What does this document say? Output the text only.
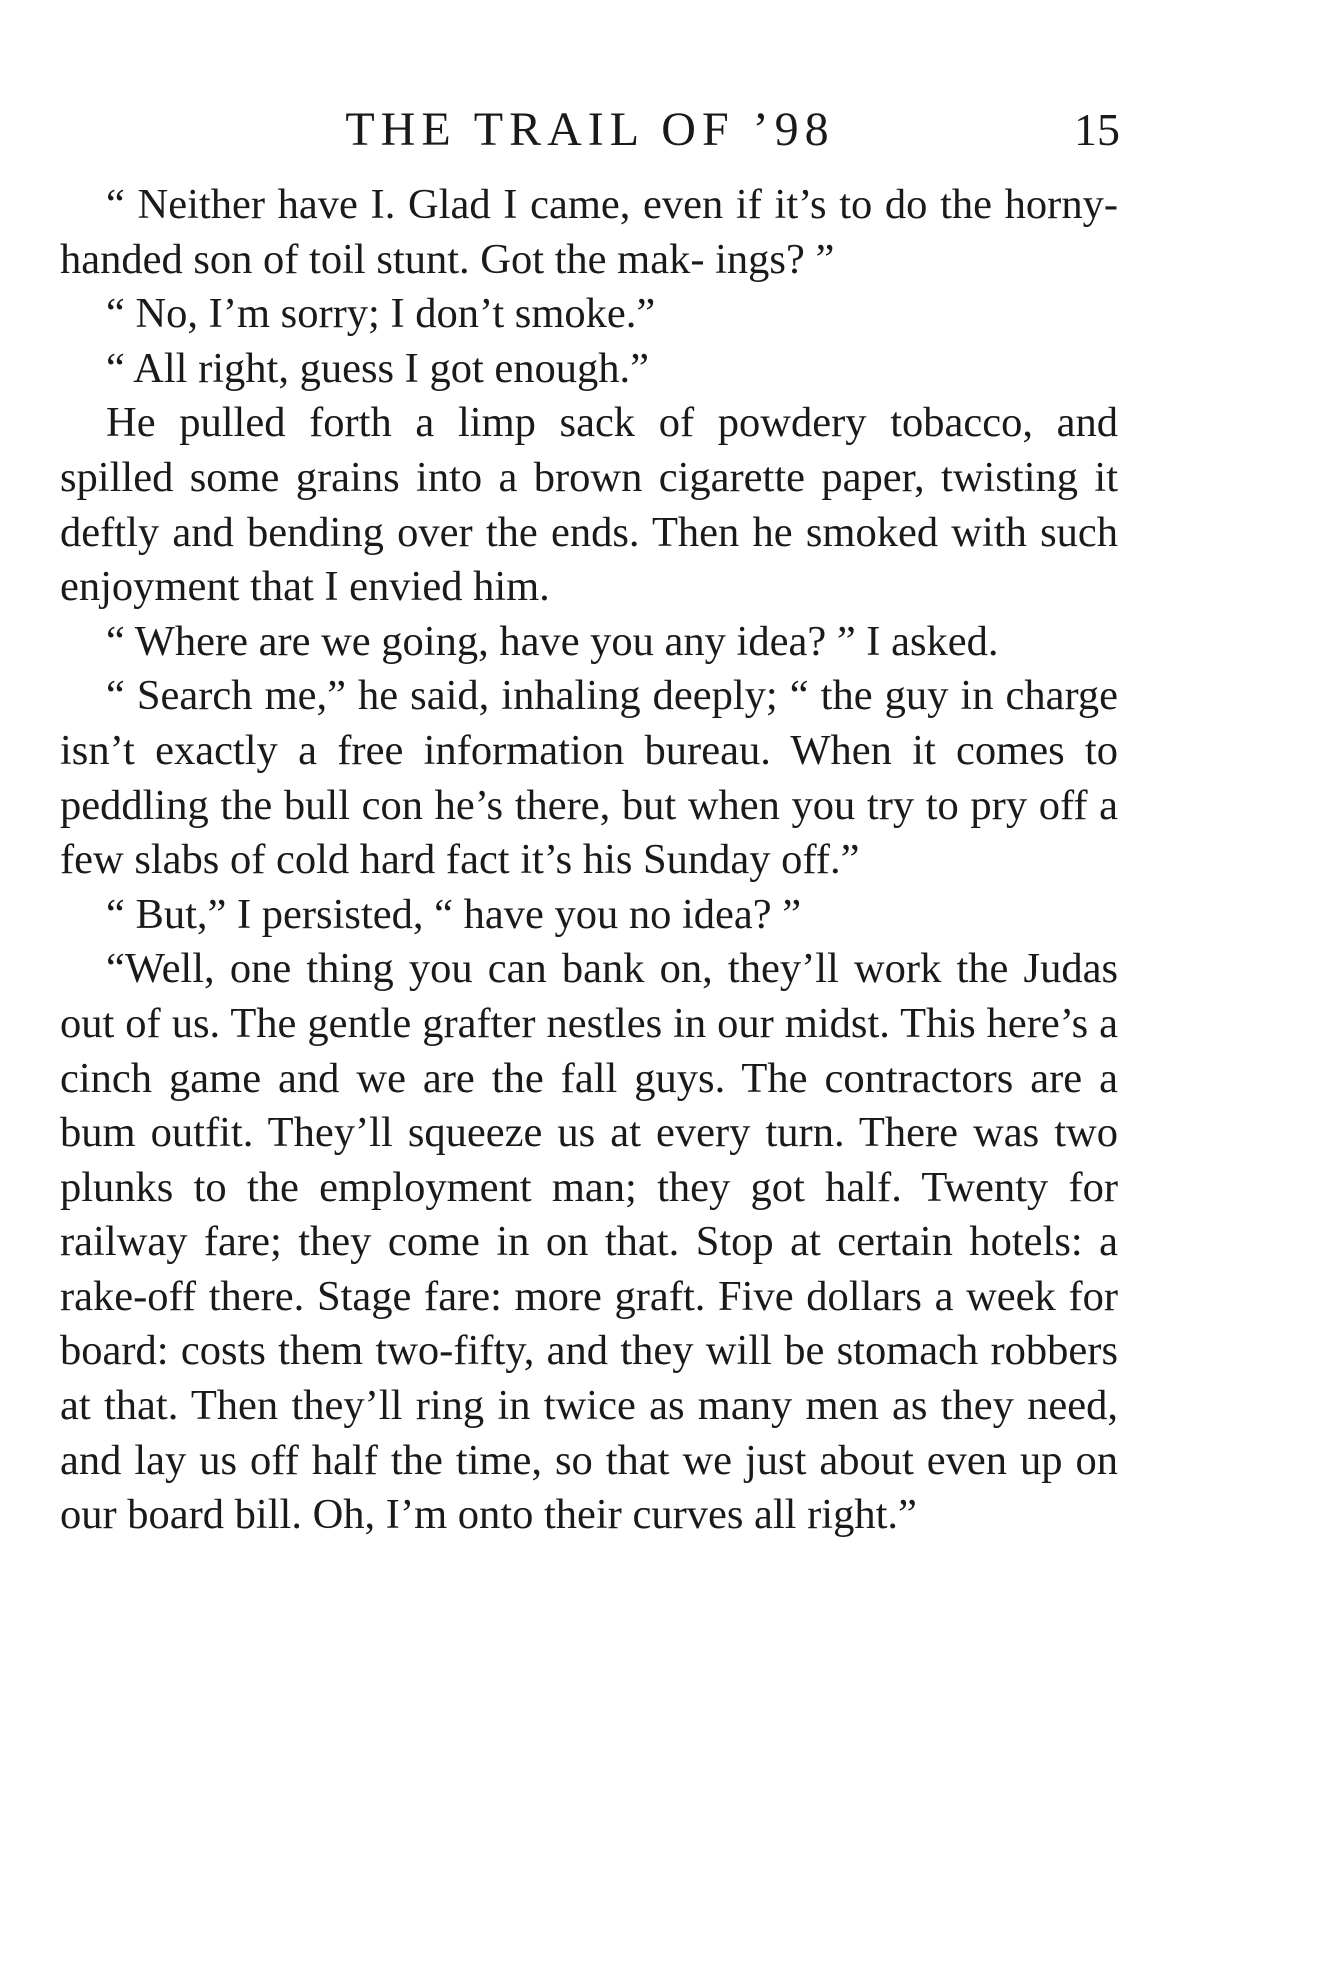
THE TRAIL OF ’98	15

“ Neither have I. Glad I came, even if it’s to do the horny-handed son of toil stunt. Got the mak- ings? ”

“ No, I’m sorry; I don’t smoke.”

“ All right, guess I got enough.”

He pulled forth a limp sack of powdery tobacco, and spilled some grains into a brown cigarette paper, twisting it deftly and bending over the ends. Then he smoked with such enjoyment that I envied him.

“ Where are we going, have you any idea? ” I asked.

“ Search me,” he said, inhaling deeply; “ the guy in charge isn’t exactly a free information bureau. When it comes to peddling the bull con he’s there, but when you try to pry off a few slabs of cold hard fact it’s his Sunday off.”

“ But,” I persisted, “ have you no idea? ”

“Well, one thing you can bank on, they’ll work the Judas out of us. The gentle grafter nestles in our midst. This here’s a cinch game and we are the fall guys. The contractors are a bum outfit. They’ll squeeze us at every turn. There was two plunks to the employment man; they got half. Twenty for railway fare; they come in on that. Stop at certain hotels: a rake-off there. Stage fare: more graft. Five dollars a week for board: costs them two-fifty, and they will be stomach robbers at that. Then they’ll ring in twice as many men as they need, and lay us off half the time, so that we just about even up on our board bill. Oh, I’m onto their curves all right.”
